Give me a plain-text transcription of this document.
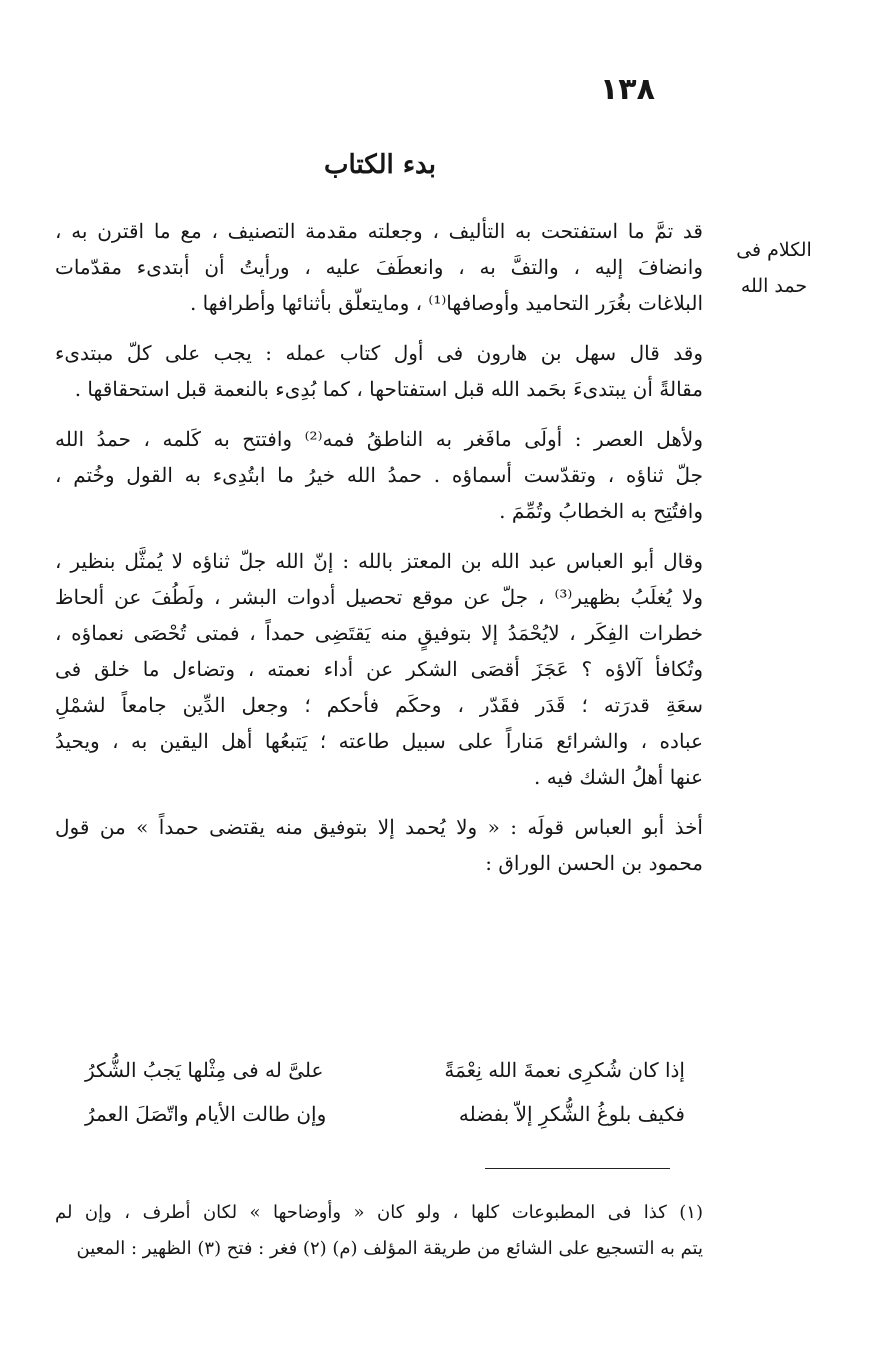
١٣٨
بدء الكتاب
الكلام فى
حمد الله
قد تمَّ ما استفتحت به التأليف ، وجعلته مقدمة التصنيف ، مع ما اقترن به ،
وانضافَ إليه ، والتفَّ به ، وانعطَفَ عليه ، ورأيتُ أن أبتدىء مقدّمات
البلاغات بغُرَر التحاميد وأوصافها⁽¹⁾ ، ومايتعلّق بأثنائها وأطرافها .
وقد قال سهل بن هارون فى أول كتاب عمله : يجب على كلّ مبتدىء
مقالةً أن يبتدىءَ بحَمد الله قبل استفتاحها ، كما بُدِىء بالنعمة قبل استحقاقها .
ولأهل العصر : أولَى مافَغر به الناطقُ فمه⁽²⁾ وافتتح به كَلمه ، حمدُ الله
جلّ ثناؤه ، وتقدّست أسماؤه . حمدُ الله خيرُ ما ابتُدِىء به القول وخُتم ،
وافتُتِح به الخطابُ وتُمِّمَ .
وقال أبو العباس عبد الله بن المعتز بالله : إنّ الله جلّ ثناؤه لا يُمثَّل بنظير ،
ولا يُغلَبُ بظهير⁽³⁾ ، جلّ عن موقع تحصيل أدوات البشر ، ولَطُفَ عن ألحاظ
خطرات الفِكَر ، لايُحْمَدُ إلا بتوفيقٍ منه يَقتَضِى حمداً ، فمتى تُحْصَى نعماؤه ،
وتُكافأ آلاؤه ؟ عَجَزَ أقصَى الشكر عن أداء نعمته ، وتضاءل ما خلق فى
سعَةِ قدرَته ؛ قَدَر فقَدّر ، وحكَم فأحكم ؛ وجعل الدِّين جامعاً لشمْلِ
عباده ، والشرائع مَناراً على سبيل طاعته ؛ يَتبعُها أهل اليقين به ، ويحيدُ
عنها أهلُ الشك فيه .
أخذ أبو العباس قولَه : « ولا يُحمد إلا بتوفيق منه يقتضى حمداً » من قول
محمود بن الحسن الوراق :
إذا كان شُكرِى نعمةَ الله نِعْمَةً
علىَّ له فى مِثْلها يَجبُ الشُّكرُ
فكيف بلوغُ الشُّكرِ إلاّ بفضله
وإن طالت الأيام واتّصَلَ العمرُ
(١) كذا فى المطبوعات كلها ، ولو كان « وأوضاحها » لكان أطرف ، وإن لم
يتم به التسجيع على الشائع من طريقة المؤلف (م) (٢) فغر : فتح (٣) الظهير : المعين
